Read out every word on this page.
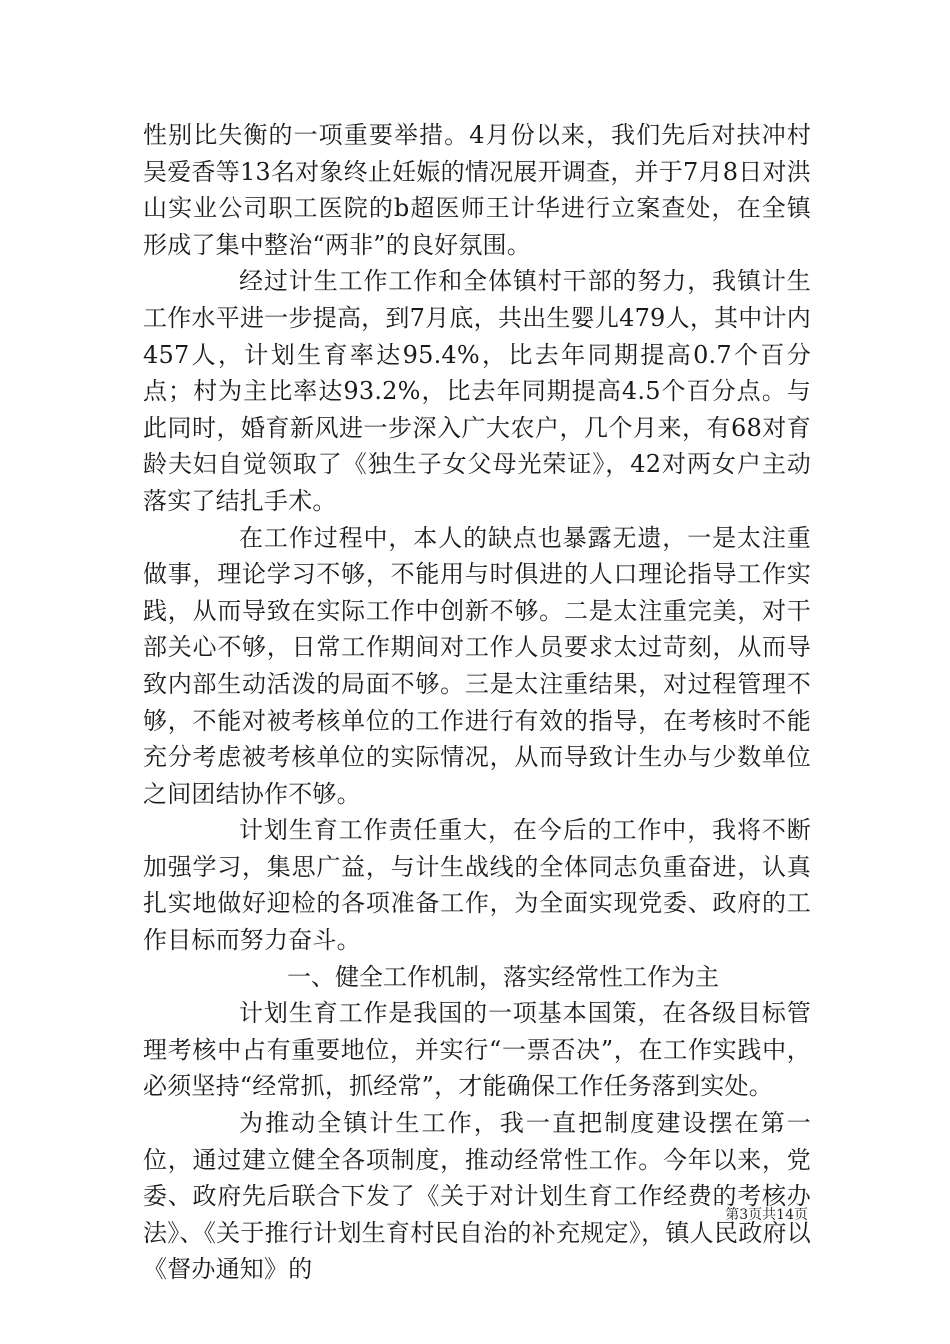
性别比失衡的一项重要举措。4月份以来，我们先后对扶冲村吴爱香等13名对象终止妊娠的情况展开调查，并于7月8日对洪山实业公司职工医院的b超医师王计华进行立案查处，在全镇形成了集中整治“两非”的良好氛围。

经过计生工作工作和全体镇村干部的努力，我镇计生工作水平进一步提高，到7月底，共出生婴儿479人，其中计内457人，计划生育率达95.4%，比去年同期提高0.7个百分点；村为主比率达93.2%，比去年同期提高4.5个百分点。与此同时，婚育新风进一步深入广大农户，几个月来，有68对育龄夫妇自觉领取了《独生子女父母光荣证》，42对两女户主动落实了结扎手术。

在工作过程中，本人的缺点也暴露无遗，一是太注重做事，理论学习不够，不能用与时俱进的人口理论指导工作实践，从而导致在实际工作中创新不够。二是太注重完美，对干部关心不够，日常工作期间对工作人员要求太过苛刻，从而导致内部生动活泼的局面不够。三是太注重结果，对过程管理不够，不能对被考核单位的工作进行有效的指导，在考核时不能充分考虑被考核单位的实际情况，从而导致计生办与少数单位之间团结协作不够。

计划生育工作责任重大，在今后的工作中，我将不断加强学习，集思广益，与计生战线的全体同志负重奋进，认真扎实地做好迎检的各项准备工作，为全面实现党委、政府的工作目标而努力奋斗。

一、健全工作机制，落实经常性工作为主

计划生育工作是我国的一项基本国策，在各级目标管理考核中占有重要地位，并实行“一票否决”，在工作实践中，必须坚持“经常抓，抓经常”，才能确保工作任务落到实处。

为推动全镇计生工作，我一直把制度建设摆在第一位，通过建立健全各项制度，推动经常性工作。今年以来，党委、政府先后联合下发了《关于对计划生育工作经费的考核办法》、《关于推行计划生育村民自治的补充规定》，镇人民政府以《督办通知》的

第3页共14页
